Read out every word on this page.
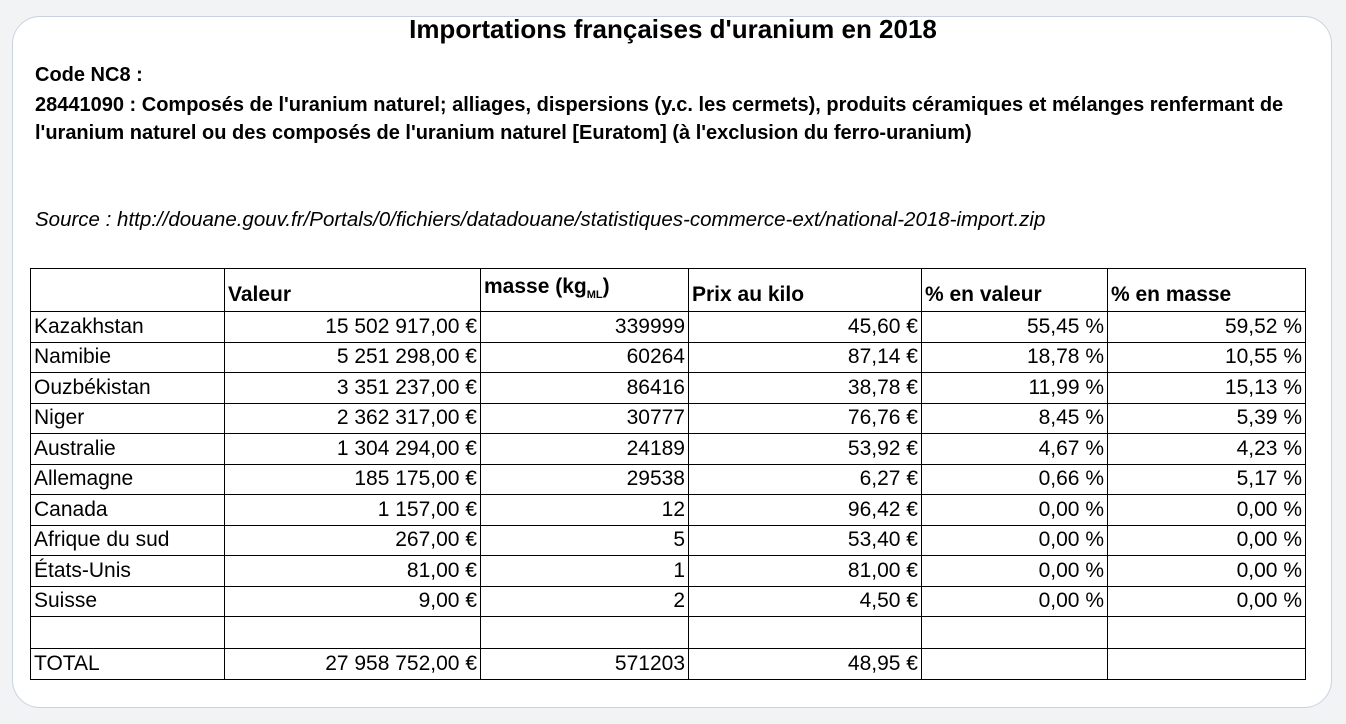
Importations françaises d'uranium en 2018
Code NC8 :
28441090 : Composés de l'uranium naturel; alliages, dispersions (y.c. les cermets), produits céramiques et mélanges renfermant de l'uranium naturel ou des composés de l'uranium naturel [Euratom] (à l'exclusion du ferro-uranium)
Source : http://douane.gouv.fr/Portals/0/fichiers/datadouane/statistiques-commerce-ext/national-2018-import.zip
	Valeur	masse $(kg_{ML})$	Prix au kilo	% en valeur	% en masse
Kazakhstan	15 502 917,00 €	339999	45,60 €	55,45 %	59,52 %
Namibie	5 251 298,00 €	60264	87,14 €	18,78 %	10,55 %
Ouzbékistan	3 351 237,00 €	86416	38,78 €	11,99 %	15,13 %
Niger	2 362 317,00 €	30777	76,76 €	8,45 %	5,39 %
Australie	1 304 294,00 €	24189	53,92 €	4,67 %	4,23 %
Allemagne	185 175,00 €	29538	6,27 €	0,66 %	5,17 %
Canada	1 157,00 €	12	96,42 €	0,00 %	0,00 %
Afrique du sud	267,00 €	5	53,40 €	0,00 %	0,00 %
États-Unis	81,00 €	1	81,00 €	0,00 %	0,00 %
Suisse	9,00 €	2	4,50 €	0,00 %	0,00 %

TOTAL	27 958 752,00 €	571203	48,95 €		
